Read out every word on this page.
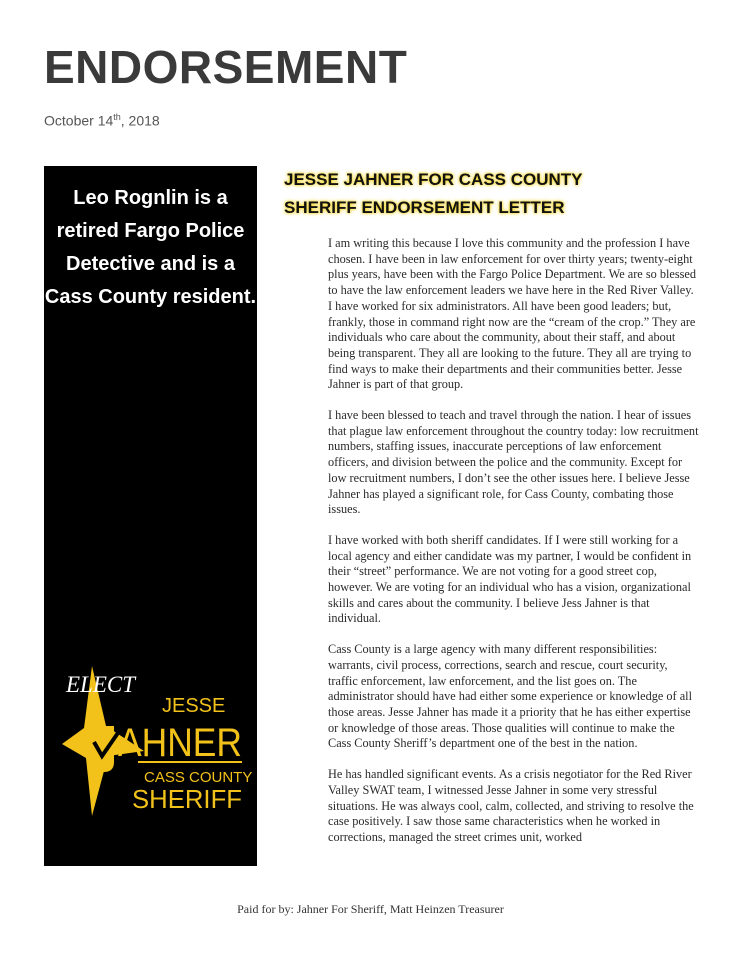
ENDORSEMENT
October 14th, 2018
Leo Rognlin is a retired Fargo Police Detective and is a Cass County resident.
ELECT
JESSE
AHNER
CASS COUNTY
SHERIFF
JESSE JAHNER FOR CASS COUNTY
SHERIFF ENDORSEMENT LETTER

I am writing this because I love this community and the profession I have chosen. I have been in law enforcement for over thirty years; twenty-eight plus years, have been with the Fargo Police Department. We are so blessed to have the law enforcement leaders we have here in the Red River Valley. I have worked for six administrators. All have been good leaders; but, frankly, those in command right now are the “cream of the crop.” They are individuals who care about the community, about their staff, and about being transparent. They all are looking to the future. They all are trying to find ways to make their departments and their communities better. Jesse Jahner is part of that group.

I have been blessed to teach and travel through the nation. I hear of issues that plague law enforcement throughout the country today: low recruitment numbers, staffing issues, inaccurate perceptions of law enforcement officers, and division between the police and the community. Except for low recruitment numbers, I don’t see the other issues here. I believe Jesse Jahner has played a significant role, for Cass County, combating those issues.

I have worked with both sheriff candidates. If I were still working for a local agency and either candidate was my partner, I would be confident in their “street” performance. We are not voting for a good street cop, however. We are voting for an individual who has a vision, organizational skills and cares about the community. I believe Jess Jahner is that individual.

Cass County is a large agency with many different responsibilities: warrants, civil process, corrections, search and rescue, court security, traffic enforcement, law enforcement, and the list goes on. The administrator should have had either some experience or knowledge of all those areas. Jesse Jahner has made it a priority that he has either expertise or knowledge of those areas. Those qualities will continue to make the Cass County Sheriff’s department one of the best in the nation.

He has handled significant events. As a crisis negotiator for the Red River Valley SWAT team, I witnessed Jesse Jahner in some very stressful situations. He was always cool, calm, collected, and striving to resolve the case positively. I saw those same characteristics when he worked in corrections, managed the street crimes unit, worked

Paid for by: Jahner For Sheriff, Matt Heinzen Treasurer
